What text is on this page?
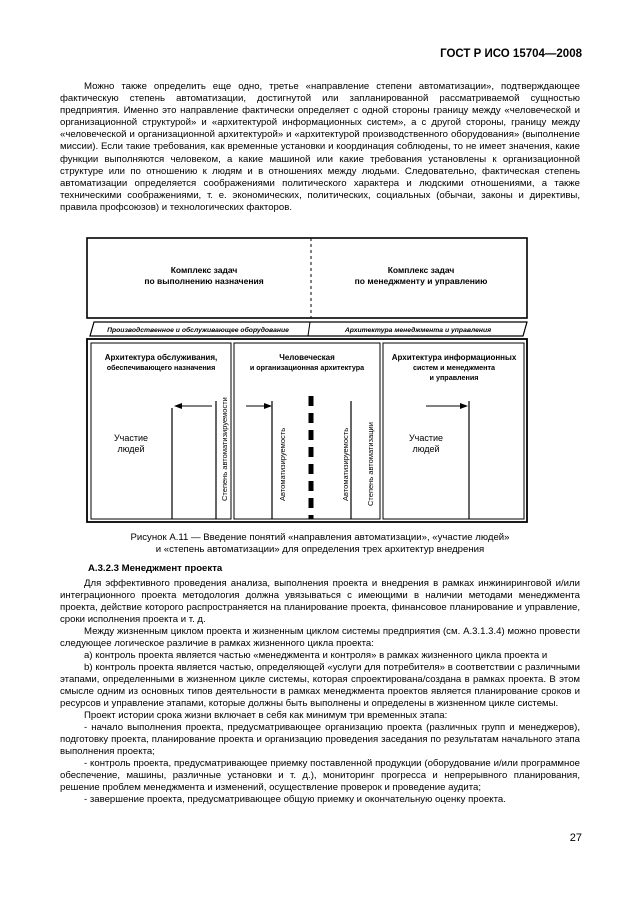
ГОСТ Р ИСО 15704—2008
Можно также определить еще одно, третье «направление степени автоматизации», подтверждающее фактическую степень автоматизации, достигнутой или запланированной рассматриваемой сущностью предприятия. Именно это направление фактически определяет с одной стороны границу между «человеческой и организационной структурой» и «архитектурой информационных систем», а с другой стороны, границу между «человеческой и организационной архитектурой» и «архитектурой производственного оборудования» (выполнение миссии). Если такие требования, как временные установки и координация соблюдены, то не имеет значения, какие функции выполняются человеком, а какие машиной или какие требования установлены к организационной структуре или по отношению к людям и в отношениях между людьми. Следовательно, фактическая степень автоматизации определяется соображениями политического характера и людскими отношениями, а также техническими соображениями, т. е. экономических, политических, социальных (обычаи, законы и директивы, правила профсоюзов) и технологических факторов.
Комплекс задач
по выполнению назначения
Комплекс задач
по менеджменту и управлению
Производственное и обслуживающее оборудование	Архитектура менеджмента и управления
Архитектура обслуживания,
обеспечивающего назначения
Человеческая
и организационная архитектура
Архитектура информационных
систем и менеджмента
и управления
Участие
людей
Участие
людей
Степень автоматизируемости	Автоматизируемость	Автоматизируемость Степень автоматизации
Рисунок А.11 — Введение понятий «направления автоматизации», «участие людей»
и «степень автоматизации» для определения трех архитектур внедрения
А.3.2.3 Менеджмент проекта

Для эффективного проведения анализа, выполнения проекта и внедрения в рамках инжиниринговой и/или интеграционного проекта методология должна увязываться с имеющими в наличии методами менеджмента проекта, действие которого распространяется на планирование проекта, финансовое планирование и управление, сроки исполнения проекта и т. д.

Между жизненным циклом проекта и жизненным циклом системы предприятия (см. А.3.1.3.4) можно провести следующее логическое различие в рамках жизненного цикла проекта:

а) контроль проекта является частью «менеджмента и контроля» в рамках жизненного цикла проекта и

b) контроль проекта является частью, определяющей «услуги для потребителя» в соответствии с различными этапами, определенными в жизненном цикле системы, которая спроектирована/создана в рамках проекта. В этом смысле одним из основных типов деятельности в рамках менеджмента проектов является планирование сроков и ресурсов и управление этапами, которые должны быть выполнены и определены в жизненном цикле системы.

Проект истории срока жизни включает в себя как минимум три временных этапа:

- начало выполнения проекта, предусматривающее организацию проекта (различных групп и менеджеров), подготовку проекта, планирование проекта и организацию проведения заседания по результатам начального этапа выполнения проекта;

- контроль проекта, предусматривающее приемку поставленной продукции (оборудование и/или программное обеспечение, машины, различные установки и т. д.), мониторинг прогресса и непрерывного планирования, решение проблем менеджмента и изменений, осуществление проверок и проведение аудита;

- завершение проекта, предусматривающее общую приемку и окончательную оценку проекта.

27
